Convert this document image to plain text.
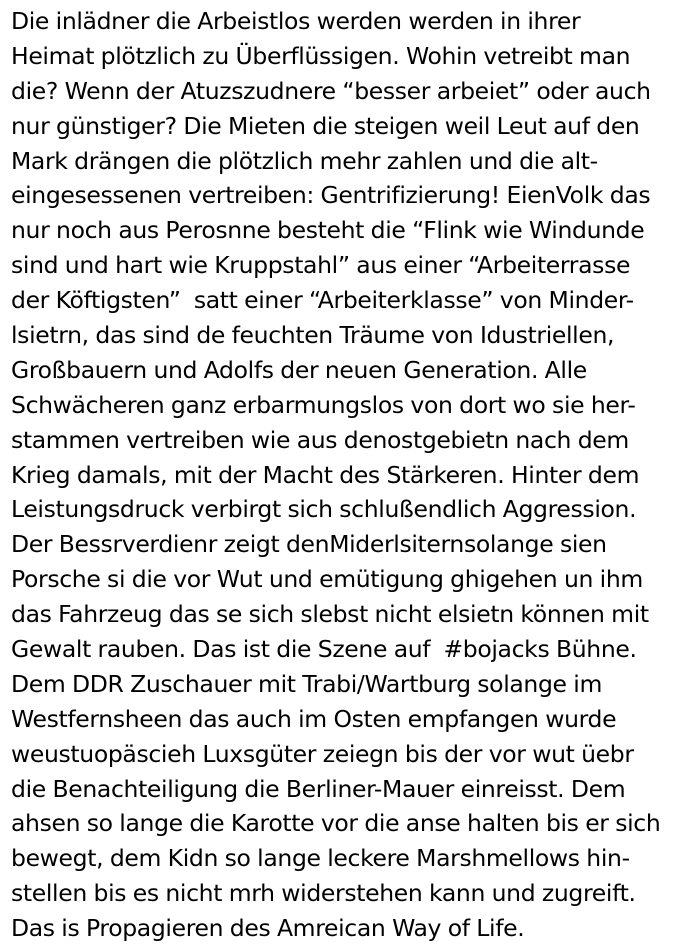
Die inlädner die Arbeistlos werden werden in ihrer
Heimat plötzlich zu Überflüssigen. Wohin vetreibt man
die? Wenn der Atuzszudnere “besser arbeiet” oder auch
nur günstiger? Die Mieten die steigen weil Leut auf den
Mark drängen die plötzlich mehr zahlen und die alt-
eingesessenen vertreiben: Gentrifizierung! EienVolk das
nur noch aus Perosnne besteht die “Flink wie Windunde
sind und hart wie Kruppstahl” aus einer “Arbeiterrasse
der Köftigsten”  satt einer “Arbeiterklasse” von Minder-
lsietrn, das sind de feuchten Träume von Idustriellen,
Großbauern und Adolfs der neuen Generation. Alle
Schwächeren ganz erbarmungslos von dort wo sie her-
stammen vertreiben wie aus denostgebietn nach dem
Krieg damals, mit der Macht des Stärkeren. Hinter dem
Leistungsdruck verbirgt sich schlußendlich Aggression.
Der Bessrverdienr zeigt denMiderlsiternsolange sien
Porsche si die vor Wut und emütigung ghigehen un ihm
das Fahrzeug das se sich slebst nicht elsietn können mit
Gewalt rauben. Das ist die Szene auf  #bojacks Bühne.
Dem DDR Zuschauer mit Trabi/Wartburg solange im
Westfernsheen das auch im Osten empfangen wurde
weustuopäscieh Luxsgüter zeiegn bis der vor wut üebr
die Benachteiligung die Berliner-Mauer einreisst. Dem
ahsen so lange die Karotte vor die anse halten bis er sich
bewegt, dem Kidn so lange leckere Marshmellows hin-
stellen bis es nicht mrh widerstehen kann und zugreift.
Das is Propagieren des Amreican Way of Life.
